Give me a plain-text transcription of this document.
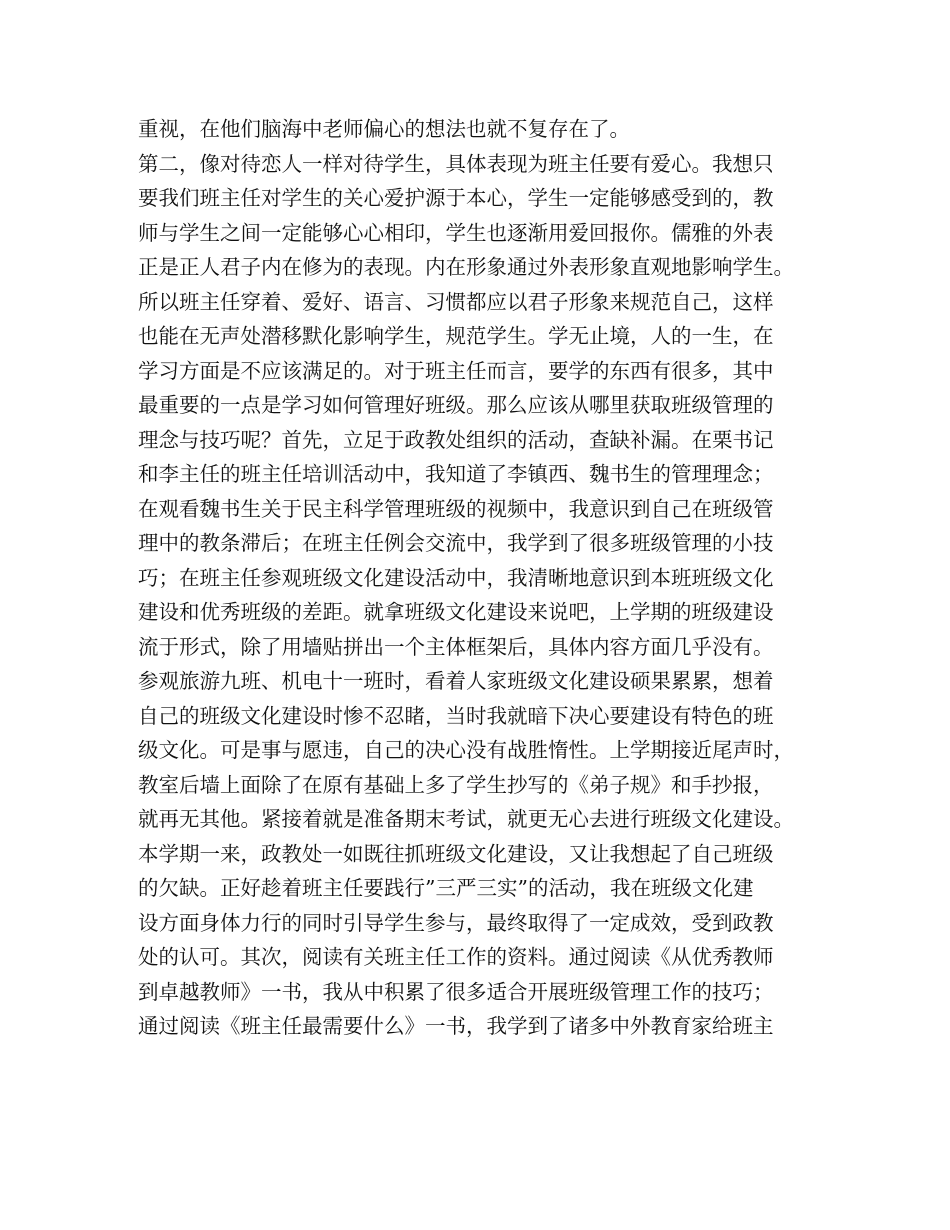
重视，在他们脑海中老师偏心的想法也就不复存在了。
第二，像对待恋人一样对待学生，具体表现为班主任要有爱心。我想只
要我们班主任对学生的关心爱护源于本心，学生一定能够感受到的，教
师与学生之间一定能够心心相印，学生也逐渐用爱回报你。儒雅的外表
正是正人君子内在修为的表现。内在形象通过外表形象直观地影响学生。
所以班主任穿着、爱好、语言、习惯都应以君子形象来规范自己，这样
也能在无声处潜移默化影响学生，规范学生。学无止境，人的一生，在
学习方面是不应该满足的。对于班主任而言，要学的东西有很多，其中
最重要的一点是学习如何管理好班级。那么应该从哪里获取班级管理的
理念与技巧呢？首先，立足于政教处组织的活动，查缺补漏。在栗书记
和李主任的班主任培训活动中，我知道了李镇西、魏书生的管理理念；
在观看魏书生关于民主科学管理班级的视频中，我意识到自己在班级管
理中的教条滞后；在班主任例会交流中，我学到了很多班级管理的小技
巧；在班主任参观班级文化建设活动中，我清晰地意识到本班班级文化
建设和优秀班级的差距。就拿班级文化建设来说吧，上学期的班级建设
流于形式，除了用墙贴拼出一个主体框架后，具体内容方面几乎没有。
参观旅游九班、机电十一班时，看着人家班级文化建设硕果累累，想着
自己的班级文化建设时惨不忍睹，当时我就暗下决心要建设有特色的班
级文化。可是事与愿违，自己的决心没有战胜惰性。上学期接近尾声时，
教室后墙上面除了在原有基础上多了学生抄写的《弟子规》和手抄报，
就再无其他。紧接着就是准备期末考试，就更无心去进行班级文化建设。
本学期一来，政教处一如既往抓班级文化建设，又让我想起了自己班级
的欠缺。正好趁着班主任要践行”三严三实”的活动，我在班级文化建
设方面身体力行的同时引导学生参与，最终取得了一定成效，受到政教
处的认可。其次，阅读有关班主任工作的资料。通过阅读《从优秀教师
到卓越教师》一书，我从中积累了很多适合开展班级管理工作的技巧；
通过阅读《班主任最需要什么》一书，我学到了诸多中外教育家给班主
